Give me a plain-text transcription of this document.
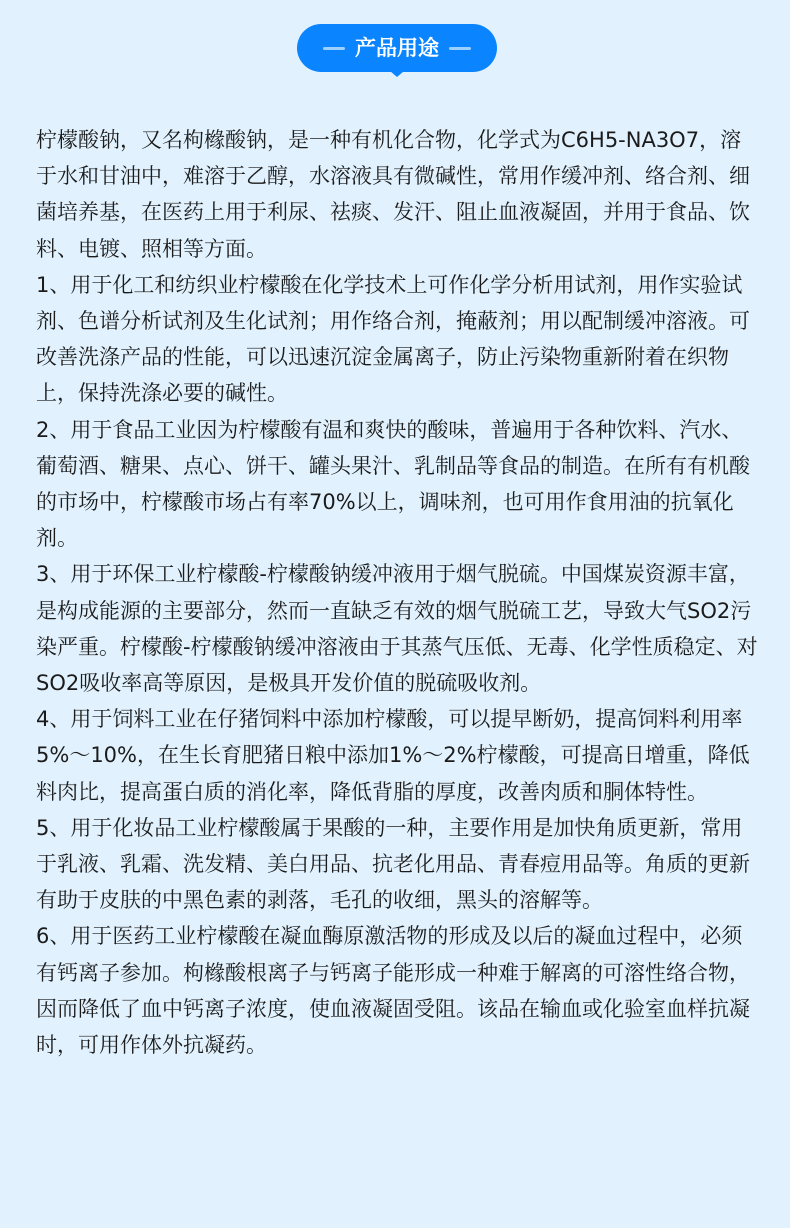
产品用途

柠檬酸钠，又名枸橼酸钠，是一种有机化合物，化学式为C6H5-NA3O7，溶于水和甘油中，难溶于乙醇，水溶液具有微碱性，常用作缓冲剂、络合剂、细菌培养基，在医药上用于利尿、祛痰、发汗、阻止血液凝固，并用于食品、饮料、电镀、照相等方面。

1、用于化工和纺织业柠檬酸在化学技术上可作化学分析用试剂，用作实验试剂、色谱分析试剂及生化试剂；用作络合剂，掩蔽剂；用以配制缓冲溶液。可改善洗涤产品的性能，可以迅速沉淀金属离子，防止污染物重新附着在织物上，保持洗涤必要的碱性。

2、用于食品工业因为柠檬酸有温和爽快的酸味，普遍用于各种饮料、汽水、葡萄酒、糖果、点心、饼干、罐头果汁、乳制品等食品的制造。在所有有机酸的市场中，柠檬酸市场占有率70%以上，调味剂，也可用作食用油的抗氧化剂。

3、用于环保工业柠檬酸-柠檬酸钠缓冲液用于烟气脱硫。中国煤炭资源丰富，是构成能源的主要部分，然而一直缺乏有效的烟气脱硫工艺，导致大气SO2污染严重。柠檬酸-柠檬酸钠缓冲溶液由于其蒸气压低、无毒、化学性质稳定、对SO2吸收率高等原因，是极具开发价值的脱硫吸收剂。

4、用于饲料工业在仔猪饲料中添加柠檬酸，可以提早断奶，提高饲料利用率5%～10%，在生长育肥猪日粮中添加1%～2%柠檬酸，可提高日增重，降低料肉比，提高蛋白质的消化率，降低背脂的厚度，改善肉质和胴体特性。

5、用于化妆品工业柠檬酸属于果酸的一种，主要作用是加快角质更新，常用于乳液、乳霜、洗发精、美白用品、抗老化用品、青春痘用品等。角质的更新有助于皮肤的中黑色素的剥落，毛孔的收细，黑头的溶解等。

6、用于医药工业柠檬酸在凝血酶原激活物的形成及以后的凝血过程中，必须有钙离子参加。枸橼酸根离子与钙离子能形成一种难于解离的可溶性络合物，因而降低了血中钙离子浓度，使血液凝固受阻。该品在输血或化验室血样抗凝时，可用作体外抗凝药。
